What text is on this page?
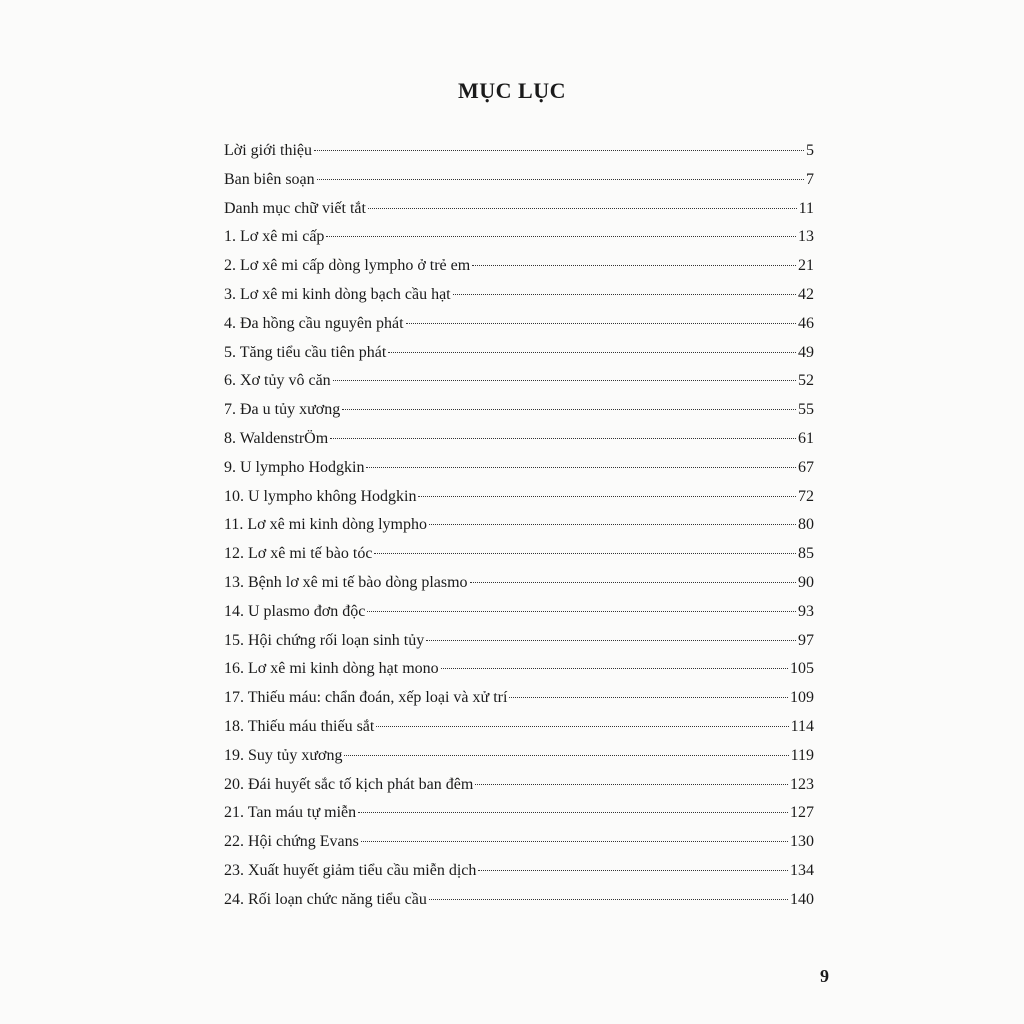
MỤC LỤC
Lời giới thiệu	5
Ban biên soạn	7
Danh mục chữ viết tắt	11
1. Lơ xê mi cấp	13
2. Lơ xê mi cấp dòng lympho ở trẻ em	21
3. Lơ xê mi kinh dòng bạch cầu hạt	42
4. Đa hồng cầu nguyên phát	46
5. Tăng tiểu cầu tiên phát	49
6. Xơ tủy vô căn	52
7. Đa u tủy xương	55
8. WaldenstrÖm	61
9. U lympho Hodgkin	67
10. U lympho không Hodgkin	72
11. Lơ xê mi kinh dòng lympho	80
12. Lơ xê mi tế bào tóc	85
13. Bệnh lơ xê mi tế bào dòng plasmo	90
14. U plasmo đơn độc	93
15. Hội chứng rối loạn sinh tủy	97
16. Lơ xê mi kinh dòng hạt mono	105
17. Thiếu máu: chẩn đoán, xếp loại và xử trí	109
18. Thiếu máu thiếu sắt	114
19. Suy tủy xương	119
20. Đái huyết sắc tố kịch phát ban đêm	123
21. Tan máu tự miễn	127
22. Hội chứng Evans	130
23. Xuất huyết giảm tiểu cầu miễn dịch	134
24. Rối loạn chức năng tiểu cầu	140
9
